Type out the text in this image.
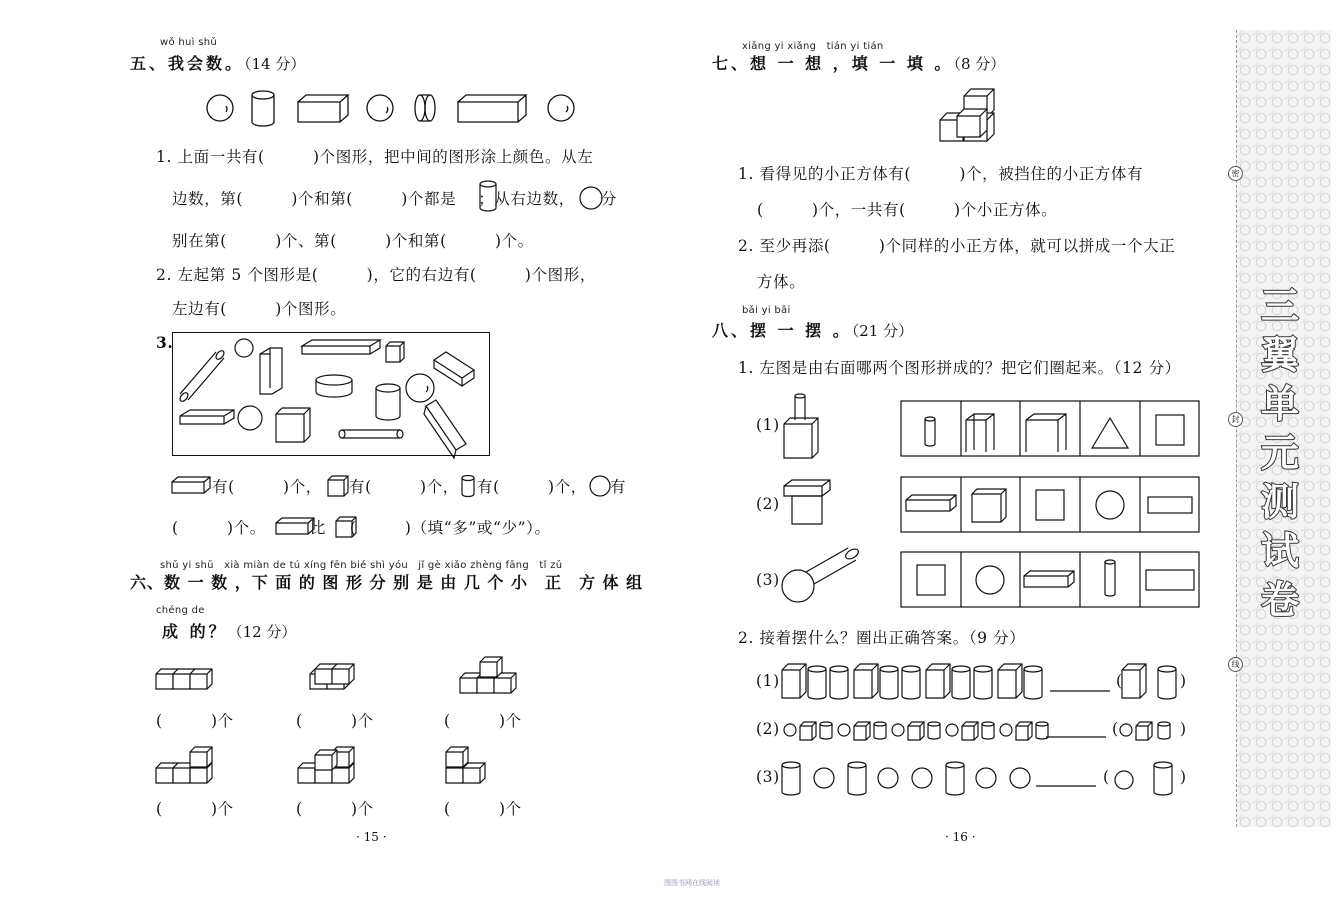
wǒ huì shǔ
五、我会数。（14 分）
1. 上面一共有(　　　)个图形，把中间的图形涂上颜色。从左
边数，第(　　　)个和第(　　　)个都是 ；从右边数， 分
别在第(　　　)个、第(　　　)个和第(　　　)个。
2. 左起第 5 个图形是(　　　)，它的右边有(　　　)个图形，
左边有(　　　)个图形。
3.
有(　　　)个， 有(　　　)个， 有(　　　)个， 有
(　　　)个。	比 (　　　)（填“多”或“少”）。
shǔ yi shǔ　xià miàn de tú xíng fēn bié shì yóu　jǐ gè xiǎo zhèng fāng　tǐ zǔ
六、数 一 数 ，下 面 的 图 形 分 别 是 由 几 个 小　正　方 体 组
chéng de
成 的？（12 分）
(　　　)个	(　　　)个	(　　　)个
(　　　)个	(　　　)个	(　　　)个
· 15 ·
xiǎng yi xiǎng　tián yi tián
七、想 一 想 ，填 一 填 。（8 分）
1. 看得见的小正方体有(　　　)个，被挡住的小正方体有
(　　　)个，一共有(　　　)个小正方体。
2. 至少再添(　　　)个同样的小正方体，就可以拼成一个大正
方体。
bǎi yi bǎi
八、摆 一 摆 。（21 分）
1. 左图是由右面哪两个图形拼成的？把它们圈起来。（12 分）
(1)
(2)
(3)
2. 接着摆什么？圈出正确答案。（9 分）
(1)
(2)
(3)
(	)
(	)
(	)
· 16 ·
三翼单元测试卷
密
封
线
图图书网在线阅读
